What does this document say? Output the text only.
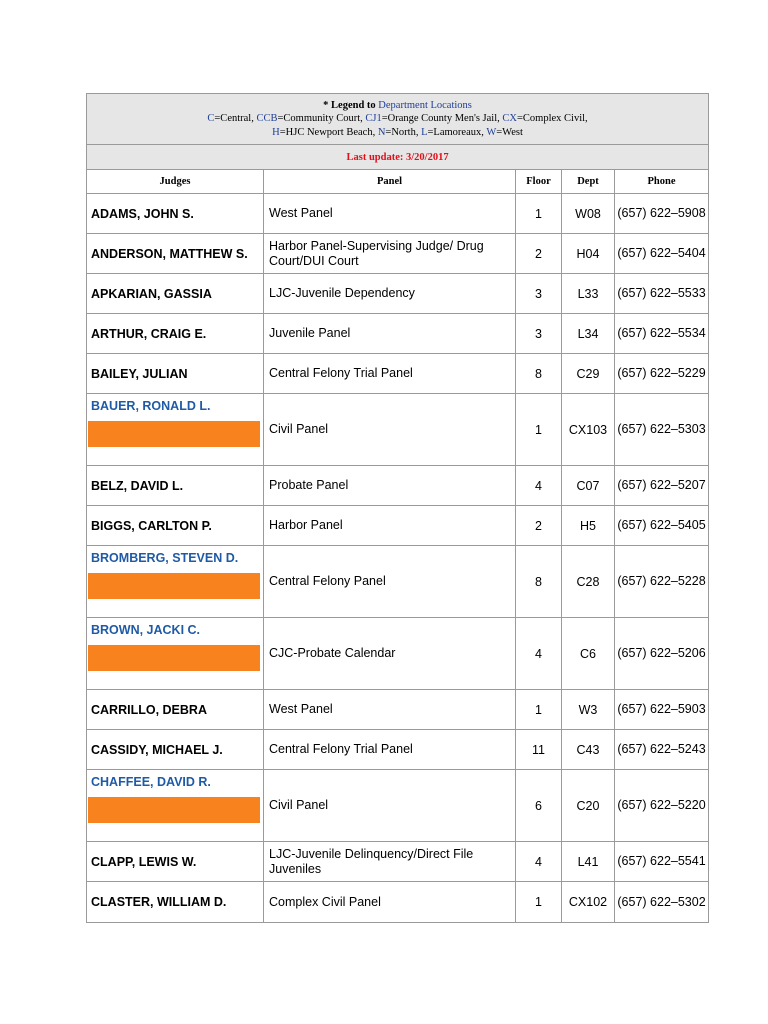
* Legend to Department Locations
C=Central, CCB=Community Court, CJ1=Orange County Men's Jail, CX=Complex Civil,
H=HJC Newport Beach, N=North, L=Lamoreaux, W=West				

Last update: 3/20/2017				
Judges	Panel	Floor	Dept	Phone
ADAMS, JOHN S.	West Panel	1	W08	(657) 622–5908
ANDERSON, MATTHEW S.	Harbor Panel-Supervising Judge/ Drug Court/DUI Court	2	H04	(657) 622–5404
APKARIAN, GASSIA	LJC-Juvenile Dependency	3	L33	(657) 622–5533
ARTHUR, CRAIG E.	Juvenile Panel	3	L34	(657) 622–5534
BAILEY, JULIAN	Central Felony Trial Panel	8	C29	(657) 622–5229
BAUER, RONALD L.	Civil Panel	1	CX103	(657) 622–5303
BELZ, DAVID L.	Probate Panel	4	C07	(657) 622–5207
BIGGS, CARLTON P.	Harbor Panel	2	H5	(657) 622–5405
BROMBERG, STEVEN D.	Central Felony Panel	8	C28	(657) 622–5228
BROWN, JACKI C.	CJC-Probate Calendar	4	C6	(657) 622–5206
CARRILLO, DEBRA	West Panel	1	W3	(657) 622–5903
CASSIDY, MICHAEL J.	Central Felony Trial Panel	11	C43	(657) 622–5243
CHAFFEE, DAVID R.	Civil Panel	6	C20	(657) 622–5220
CLAPP, LEWIS W.	LJC-Juvenile Delinquency/Direct File Juveniles	4	L41	(657) 622–5541
CLASTER, WILLIAM D.	Complex Civil Panel	1	CX102	(657) 622–5302
